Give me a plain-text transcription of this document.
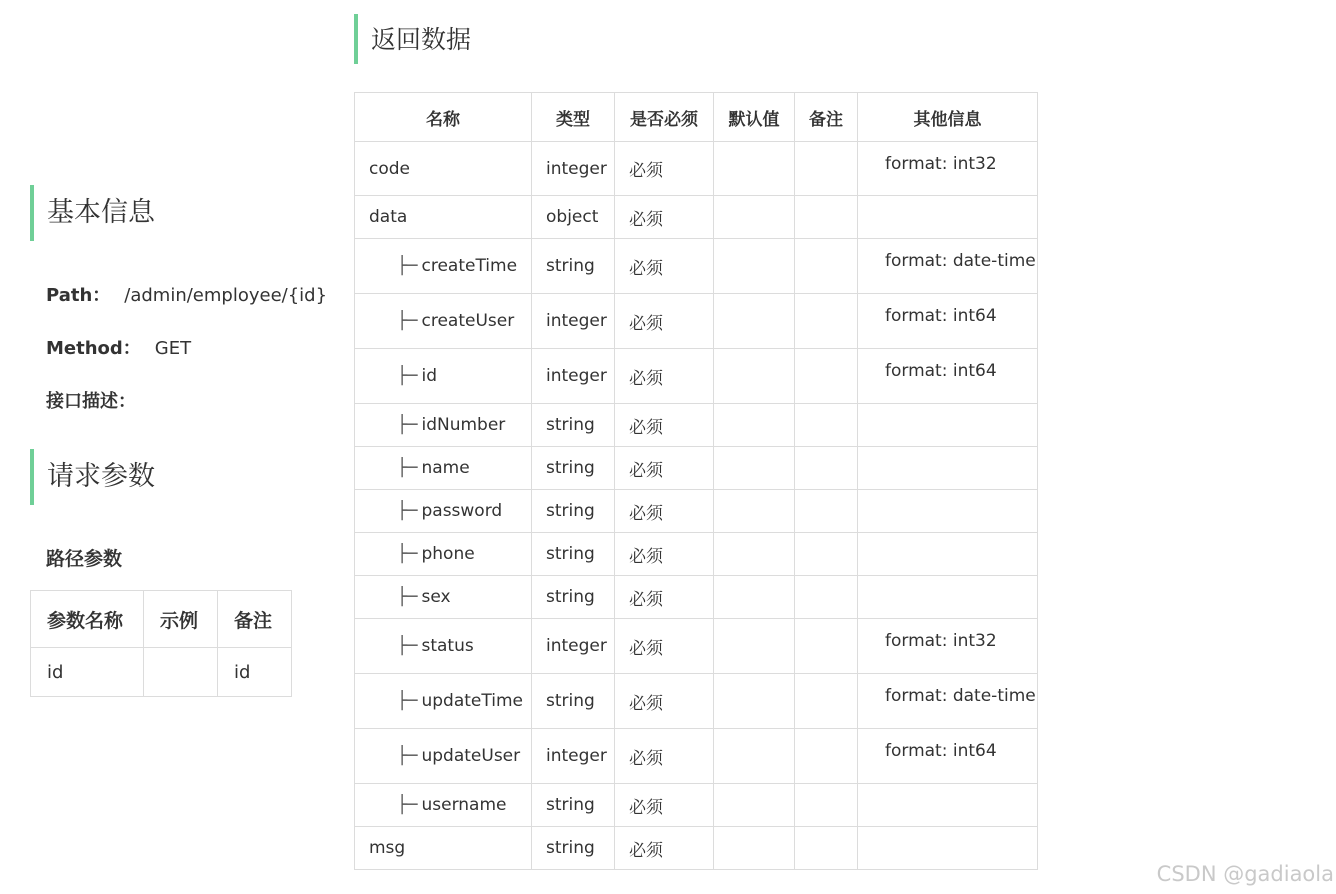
返回数据
名称	类型	是否必须	默认值	备注	其他信息
code	integer	必须			format: int32
data	object	必须			
├─ createTime	string	必须			format: date-time
├─ createUser	integer	必须			format: int64
├─ id	integer	必须			format: int64
├─ idNumber	string	必须			
├─ name	string	必须			
├─ password	string	必须			
├─ phone	string	必须			
├─ sex	string	必须			
├─ status	integer	必须			format: int32
├─ updateTime	string	必须			format: date-time
├─ updateUser	integer	必须			format: int64
├─ username	string	必须			
msg	string	必须			
基本信息
Path： /admin/employee/{id}
Method： GET
接口描述：
请求参数
路径参数
参数名称	示例	备注
id		id
CSDN @gadiaola
